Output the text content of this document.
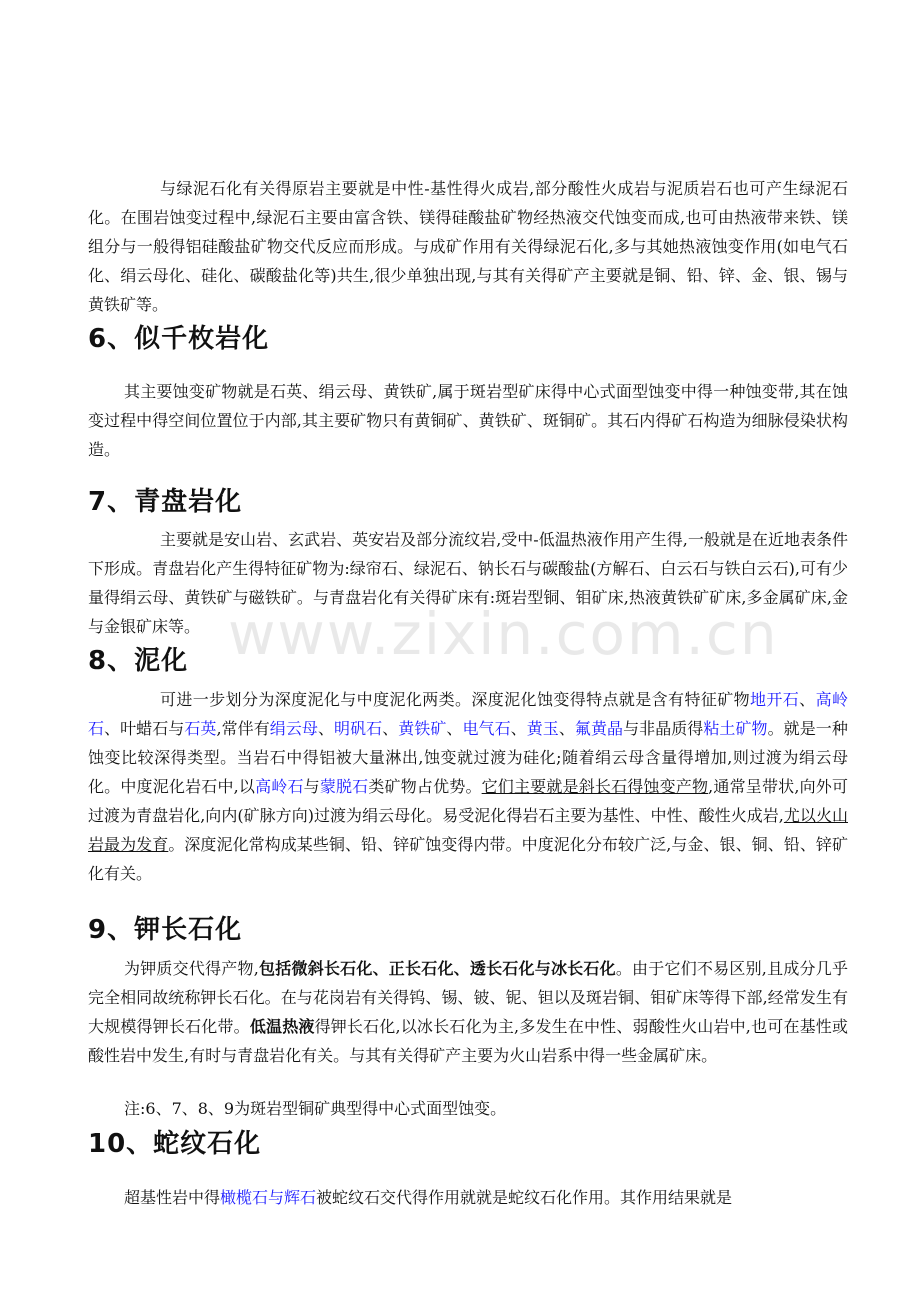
www.zixin.com.cn

与绿泥石化有关得原岩主要就是中性-基性得火成岩,部分酸性火成岩与泥质岩石也可产生绿泥石化。在围岩蚀变过程中,绿泥石主要由富含铁、镁得硅酸盐矿物经热液交代蚀变而成,也可由热液带来铁、镁组分与一般得铝硅酸盐矿物交代反应而形成。与成矿作用有关得绿泥石化,多与其她热液蚀变作用(如电气石化、绢云母化、硅化、碳酸盐化等)共生,很少单独出现,与其有关得矿产主要就是铜、铅、锌、金、银、锡与黄铁矿等。

6、似千枚岩化

其主要蚀变矿物就是石英、绢云母、黄铁矿,属于斑岩型矿床得中心式面型蚀变中得一种蚀变带,其在蚀变过程中得空间位置位于内部,其主要矿物只有黄铜矿、黄铁矿、斑铜矿。其石内得矿石构造为细脉侵染状构造。

7、青盘岩化

主要就是安山岩、玄武岩、英安岩及部分流纹岩,受中-低温热液作用产生得,一般就是在近地表条件下形成。青盘岩化产生得特征矿物为:绿帘石、绿泥石、钠长石与碳酸盐(方解石、白云石与铁白云石),可有少量得绢云母、黄铁矿与磁铁矿。与青盘岩化有关得矿床有:斑岩型铜、钼矿床,热液黄铁矿矿床,多金属矿床,金与金银矿床等。

8、泥化

可进一步划分为深度泥化与中度泥化两类。深度泥化蚀变得特点就是含有特征矿物地开石、高岭石、叶蜡石与石英,常伴有绢云母、明矾石、黄铁矿、电气石、黄玉、氟黄晶与非晶质得粘土矿物。就是一种蚀变比较深得类型。当岩石中得铝被大量淋出,蚀变就过渡为硅化;随着绢云母含量得增加,则过渡为绢云母化。中度泥化岩石中,以高岭石与蒙脱石类矿物占优势。它们主要就是斜长石得蚀变产物,通常呈带状,向外可过渡为青盘岩化,向内(矿脉方向)过渡为绢云母化。易受泥化得岩石主要为基性、中性、酸性火成岩,尤以火山岩最为发育。深度泥化常构成某些铜、铅、锌矿蚀变得内带。中度泥化分布较广泛,与金、银、铜、铅、锌矿化有关。

9、钾长石化

为钾质交代得产物,包括微斜长石化、正长石化、透长石化与冰长石化。由于它们不易区别,且成分几乎完全相同故统称钾长石化。在与花岗岩有关得钨、锡、铍、铌、钽以及斑岩铜、钼矿床等得下部,经常发生有大规模得钾长石化带。低温热液得钾长石化,以冰长石化为主,多发生在中性、弱酸性火山岩中,也可在基性或酸性岩中发生,有时与青盘岩化有关。与其有关得矿产主要为火山岩系中得一些金属矿床。

注:6、7、8、9为斑岩型铜矿典型得中心式面型蚀变。

10、蛇纹石化

超基性岩中得橄榄石与辉石被蛇纹石交代得作用就就是蛇纹石化作用。其作用结果就是
